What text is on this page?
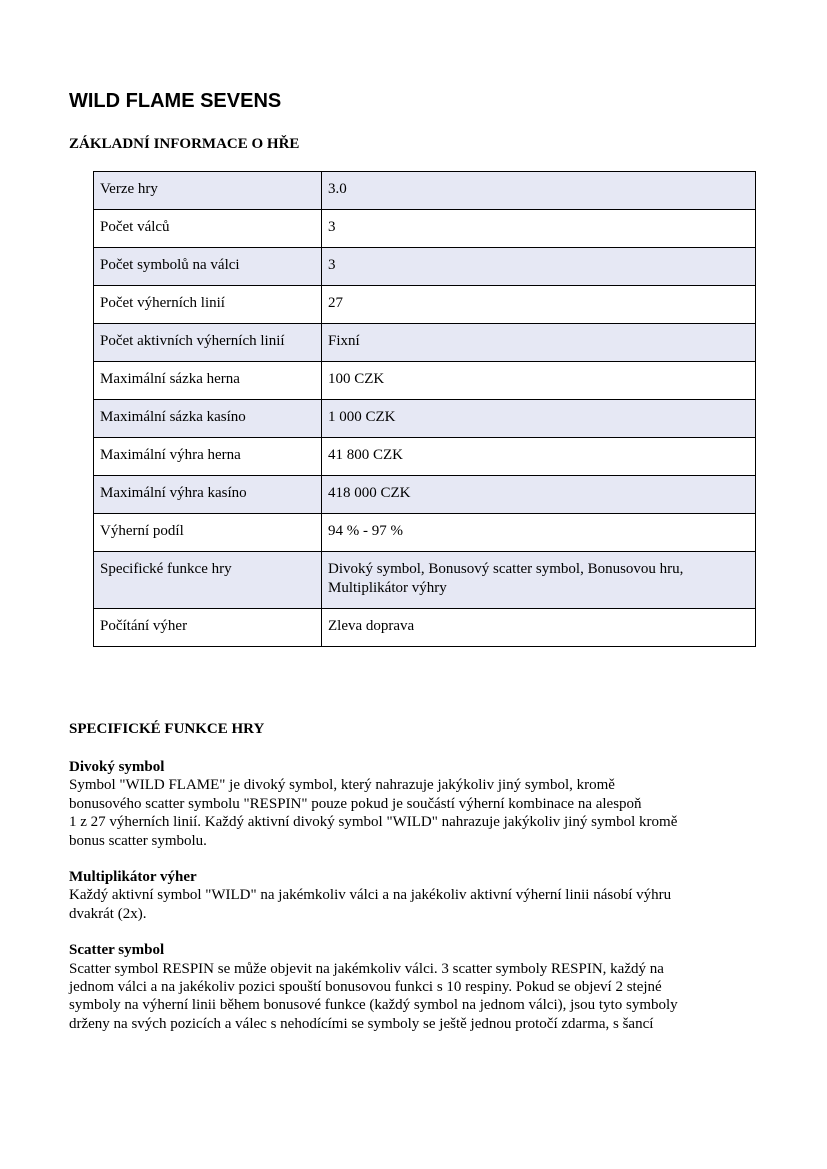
WILD FLAME SEVENS
ZÁKLADNÍ INFORMACE O HŘE
Verze hry	3.0
Počet válců	3
Počet symbolů na válci	3
Počet výherních linií	27
Počet aktivních výherních linií	Fixní
Maximální sázka herna	100 CZK
Maximální sázka kasíno	1 000 CZK
Maximální výhra herna	41 800 CZK
Maximální výhra kasíno	418 000 CZK
Výherní podíl	94 % - 97 %
Specifické funkce hry	Divoký symbol, Bonusový scatter symbol, Bonusovou hru, Multiplikátor výhry
Počítání výher	Zleva doprava
SPECIFICKÉ FUNKCE HRY
Divoký symbol

Symbol "WILD FLAME" je divoký symbol, který nahrazuje jakýkoliv jiný symbol, kromě
bonusového scatter symbolu "RESPIN" pouze pokud je součástí výherní kombinace na alespoň
1 z 27 výherních linií. Každý aktivní divoký symbol "WILD" nahrazuje jakýkoliv jiný symbol kromě
bonus scatter symbolu.

Multiplikátor výher

Každý aktivní symbol "WILD" na jakémkoliv válci a na jakékoliv aktivní výherní linii násobí výhru
dvakrát (2x).

Scatter symbol

Scatter symbol RESPIN se může objevit na jakémkoliv válci. 3 scatter symboly RESPIN, každý na
jednom válci a na jakékoliv pozici spouští bonusovou funkci s 10 respiny. Pokud se objeví 2 stejné
symboly na výherní linii během bonusové funkce (každý symbol na jednom válci), jsou tyto symboly
drženy na svých pozicích a válec s nehodícími se symboly se ještě jednou protočí zdarma, s šancí
